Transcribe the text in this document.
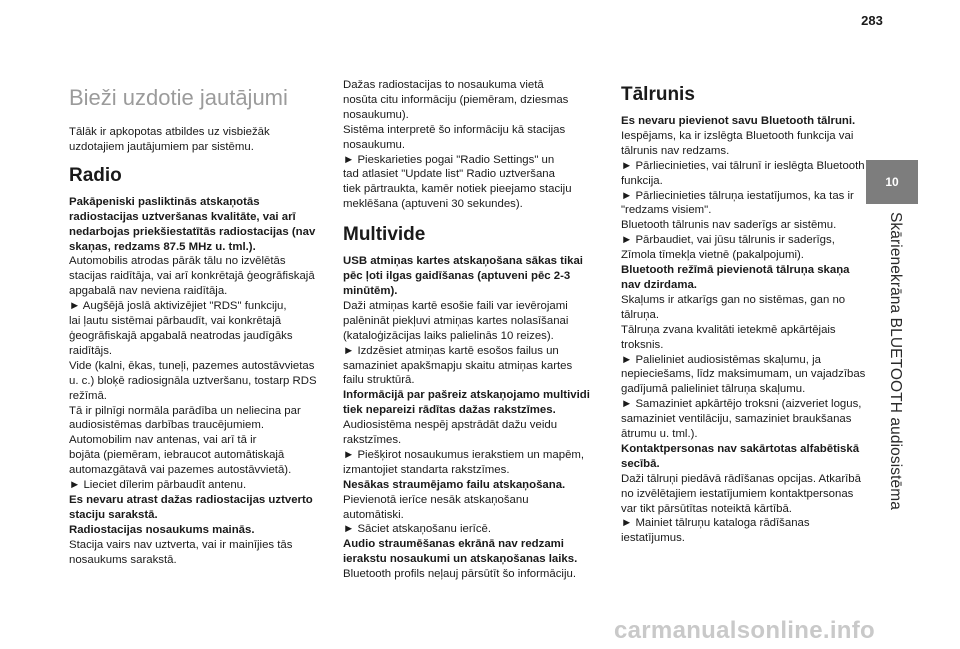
283
10
Skārienekrāna BLUETOOTH audiosistēma
Bieži uzdotie jautājumi
Tālāk ir apkopotas atbildes uz visbiežāk
uzdotajiem jautājumiem par sistēmu.
Radio
Pakāpeniski pasliktinās atskaņotās
radiostacijas uztveršanas kvalitāte, vai arī
nedarbojas priekšiestatītās radiostacijas (nav
skaņas, redzams 87.5 MHz u. tml.).
Automobilis atrodas pārāk tālu no izvēlētās
stacijas raidītāja, vai arī konkrētajā ģeogrāfiskajā
apgabalā nav neviena raidītāja.
► Augšējā joslā aktivizējiet "RDS" funkciju,
lai ļautu sistēmai pārbaudīt, vai konkrētajā
ģeogrāfiskajā apgabalā neatrodas jaudīgāks
raidītājs.
Vide (kalni, ēkas, tuneļi, pazemes autostāvvietas
u. c.) bloķē radiosignāla uztveršanu, tostarp RDS
režīmā.
Tā ir pilnīgi normāla parādība un neliecina par
audiosistēmas darbības traucējumiem.
Automobilim nav antenas, vai arī tā ir
bojāta (piemēram, iebraucot automātiskajā
automazgātavā vai pazemes autostāvvietā).
► Lieciet dīlerim pārbaudīt antenu.
Es nevaru atrast dažas radiostacijas uztverto
staciju sarakstā.
Radiostacijas nosaukums mainās.
Stacija vairs nav uztverta, vai ir mainījies tās
nosaukums sarakstā.
Dažas radiostacijas to nosaukuma vietā
nosūta citu informāciju (piemēram, dziesmas
nosaukumu).
Sistēma interpretē šo informāciju kā stacijas
nosaukumu.
► Pieskarieties pogai "Radio Settings" un
tad atlasiet "Update list" Radio uztveršana
tiek pārtraukta, kamēr notiek pieejamo staciju
meklēšana (aptuveni 30 sekundes).
Multivide
USB atmiņas kartes atskaņošana sākas tikai
pēc ļoti ilgas gaidīšanas (aptuveni pēc 2-3
minūtēm).
Daži atmiņas kartē esošie faili var ievērojami
palēnināt piekļuvi atmiņas kartes nolasīšanai
(kataloģizācijas laiks palielinās 10 reizes).
► Izdzēsiet atmiņas kartē esošos failus un
samaziniet apakšmapju skaitu atmiņas kartes
failu struktūrā.
Informācijā par pašreiz atskaņojamo multividi
tiek nepareizi rādītas dažas rakstzīmes.
Audiosistēma nespēj apstrādāt dažu veidu
rakstzīmes.
► Piešķirot nosaukumus ierakstiem un mapēm,
izmantojiet standarta rakstzīmes.
Nesākas straumējamo failu atskaņošana.
Pievienotā ierīce nesāk atskaņošanu
automātiski.
► Sāciet atskaņošanu ierīcē.
Audio straumēšanas ekrānā nav redzami
ierakstu nosaukumi un atskaņošanas laiks.
Bluetooth profils neļauj pārsūtīt šo informāciju.
Tālrunis
Es nevaru pievienot savu Bluetooth tālruni.
Iespējams, ka ir izslēgta Bluetooth funkcija vai
tālrunis nav redzams.
► Pārliecinieties, vai tālrunī ir ieslēgta Bluetooth
funkcija.
► Pārliecinieties tālruņa iestatījumos, ka tas ir
"redzams visiem".
Bluetooth tālrunis nav saderīgs ar sistēmu.
► Pārbaudiet, vai jūsu tālrunis ir saderīgs,
Zīmola tīmekļa vietnē (pakalpojumi).
Bluetooth režīmā pievienotā tālruņa skaņa
nav dzirdama.
Skaļums ir atkarīgs gan no sistēmas, gan no
tālruņa.
Tālruņa zvana kvalitāti ietekmē apkārtējais
troksnis.
► Palieliniet audiosistēmas skaļumu, ja
nepieciešams, līdz maksimumam, un vajadzības
gadījumā palieliniet tālruņa skaļumu.
► Samaziniet apkārtējo troksni (aizveriet logus,
samaziniet ventilāciju, samaziniet braukšanas
ātrumu u. tml.).
Kontaktpersonas nav sakārtotas alfabētiskā
secībā.
Daži tālruņi piedāvā rādīšanas opcijas. Atkarībā
no izvēlētajiem iestatījumiem kontaktpersonas
var tikt pārsūtītas noteiktā kārtībā.
► Mainiet tālruņu kataloga rādīšanas
iestatījumus.
carmanualsonline.info
